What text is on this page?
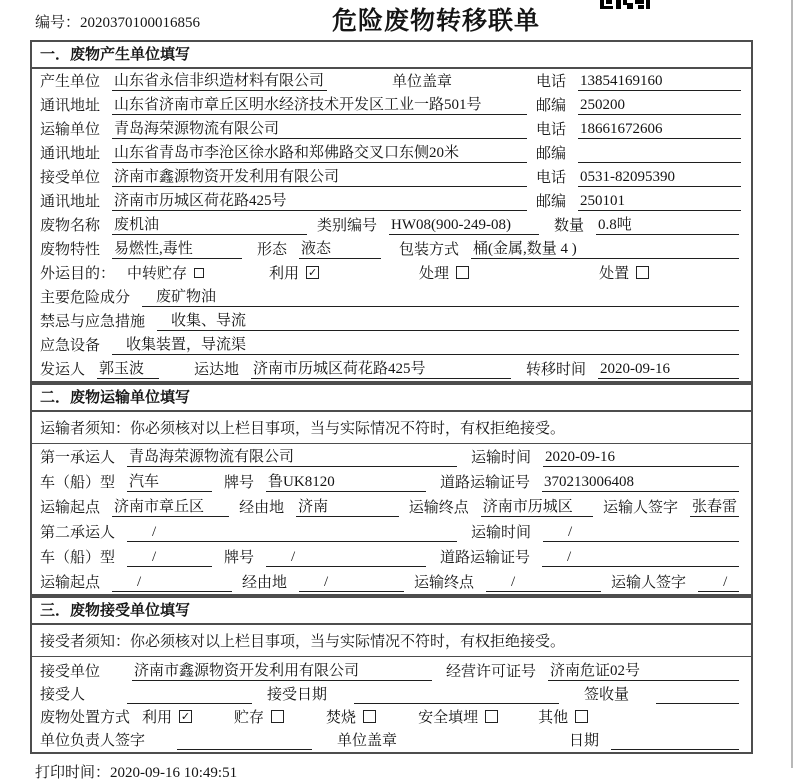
编号：2020370100016856	危险废物转移联单
一．废物产生单位填写
产生单位 山东省永信非织造材料有限公司	单位盖章	电话 13854169160
通讯地址 山东省济南市章丘区明水经济技术开发区工业一路501号	邮编 250200
运输单位 青岛海荣源物流有限公司	电话 18661672606
通讯地址 山东省青岛市李沧区徐水路和郑佛路交叉口东侧20米	邮编
接受单位 济南市鑫源物资开发利用有限公司	电话 0531-82095390
通讯地址 济南市历城区荷花路425号	邮编 250101
废物名称 废机油	类别编号 HW08(900-249-08)	数量 0.8吨
废物特性 易燃性,毒性	形态 液态	包装方式 桶(金属,数量 4 )
外运目的： 中转贮存	利用 ✓	处理	处置
主要危险成分	废矿物油
禁忌与应急措施	收集、导流
应急设备	收集装置，导流渠
发运人 郭玉波	运达地 济南市历城区荷花路425号	转移时间 2020-09-16
二．废物运输单位填写
运输者须知：你必须核对以上栏目事项，当与实际情况不符时，有权拒绝接受。
第一承运人 青岛海荣源物流有限公司	运输时间 2020-09-16
车（船）型 汽车	牌号 鲁UK8120	道路运输证号 370213006408
运输起点 济南市章丘区	经由地 济南	运输终点 济南市历城区	运输人签字 张春雷
第二承运人	/	运输时间	/
车（船）型	/	牌号	/	道路运输证号	/
运输起点	/	经由地	/	运输终点	/	运输人签字	/
三．废物接受单位填写
接受者须知：你必须核对以上栏目事项，当与实际情况不符时，有权拒绝接受。
接受单位	济南市鑫源物资开发利用有限公司	经营许可证号 济南危证02号
接受人	接受日期	签收量
废物处置方式 利用 ✓	贮存	焚烧	安全填埋	其他
单位负责人签字	单位盖章	日期
打印时间：2020-09-16 10:49:51
